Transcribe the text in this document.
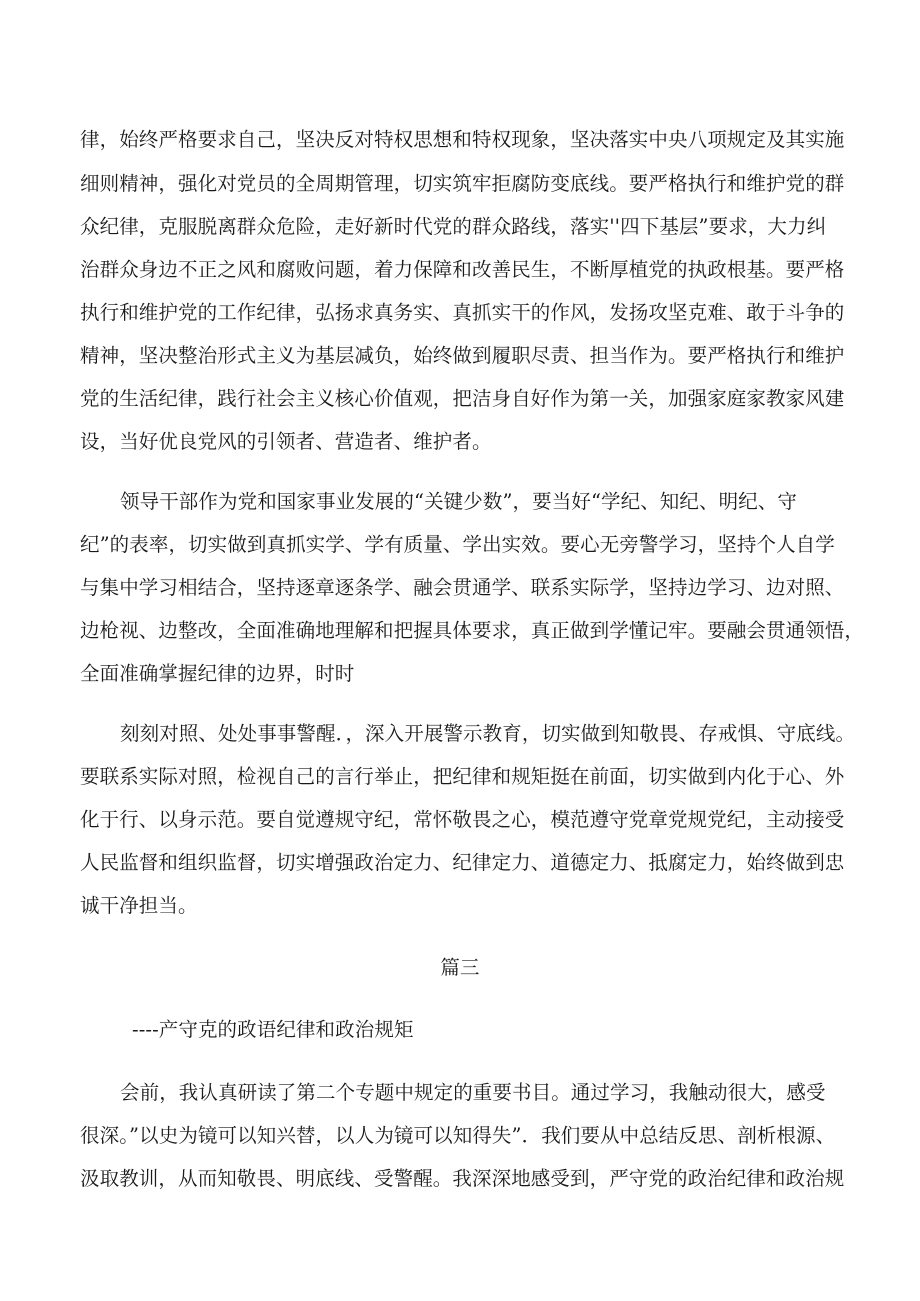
律，始终严格要求自己，坚决反对特权思想和特权现象，坚决落实中央八项规定及其实施
细则精神，强化对党员的全周期管理，切实筑牢拒腐防变底线。要严格执行和维护党的群
众纪律，克服脱离群众危险，走好新时代党的群众路线，落实''四下基层”要求，大力纠
治群众身边不正之风和腐败问题，着力保障和改善民生，不断厚植党的执政根基。要严格
执行和维护党的工作纪律，弘扬求真务实、真抓实干的作风，发扬攻坚克难、敢于斗争的
精神，坚决整治形式主义为基层减负，始终做到履职尽责、担当作为。要严格执行和维护
党的生活纪律，践行社会主义核心价值观，把洁身自好作为第一关，加强家庭家教家风建
设，当好优良党风的引领者、营造者、维护者。
领导干部作为党和国家事业发展的“关键少数”，要当好“学纪、知纪、明纪、守
纪”的表率，切实做到真抓实学、学有质量、学出实效。要心无旁警学习，坚持个人自学
与集中学习相结合，坚持逐章逐条学、融会贯通学、联系实际学，坚持边学习、边对照、
边枪视、边整改，全面准确地理解和把握具体要求，真正做到学懂记牢。要融会贯通领悟，
全面准确掌握纪律的边界，时时
刻刻对照、处处事事警醒．，深入开展警示教育，切实做到知敬畏、存戒惧、守底线。
要联系实际对照，检视自己的言行举止，把纪律和规矩挺在前面，切实做到内化于心、外
化于行、以身示范。要自觉遵规守纪，常怀敬畏之心，模范遵守党章党规党纪，主动接受
人民监督和组织监督，切实增强政治定力、纪律定力、道德定力、抵腐定力，始终做到忠
诚干净担当。
篇三
----产守克的政语纪律和政治规矩
会前，我认真研读了第二个专题中规定的重要书目。通过学习，我触动很大，感受
很深。”以史为镜可以知兴替，以人为镜可以知得失”．我们要从中总结反思、剖析根源、
汲取教训，从而知敬畏、明底线、受警醒。我深深地感受到，严守党的政治纪律和政治规
